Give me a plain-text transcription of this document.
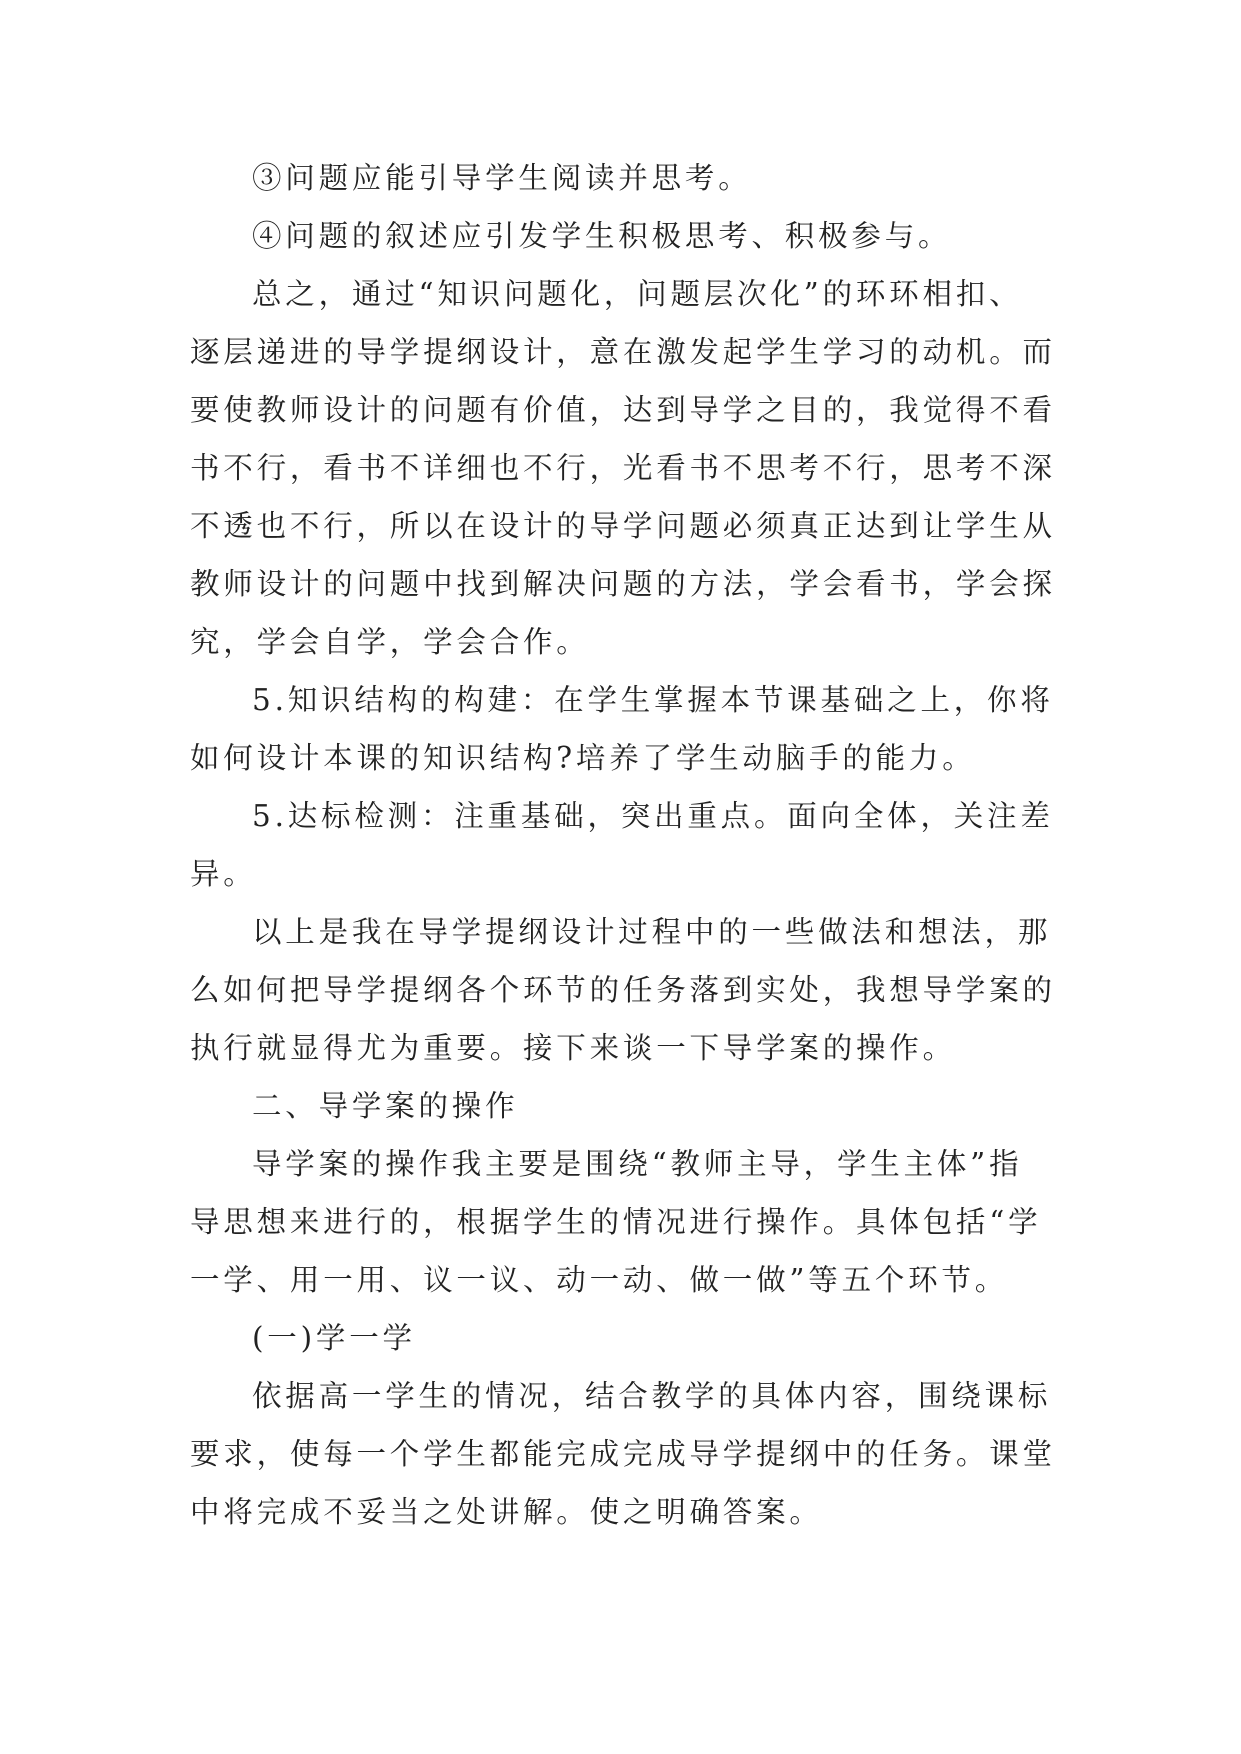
③问题应能引导学生阅读并思考。
④问题的叙述应引发学生积极思考、积极参与。
总之，通过“知识问题化，问题层次化”的环环相扣、
逐层递进的导学提纲设计，意在激发起学生学习的动机。而
要使教师设计的问题有价值，达到导学之目的，我觉得不看
书不行，看书不详细也不行，光看书不思考不行，思考不深
不透也不行，所以在设计的导学问题必须真正达到让学生从
教师设计的问题中找到解决问题的方法，学会看书，学会探
究，学会自学，学会合作。
5.知识结构的构建：在学生掌握本节课基础之上，你将
如何设计本课的知识结构?培养了学生动脑手的能力。
5.达标检测：注重基础，突出重点。面向全体，关注差
异。
以上是我在导学提纲设计过程中的一些做法和想法，那
么如何把导学提纲各个环节的任务落到实处，我想导学案的
执行就显得尤为重要。接下来谈一下导学案的操作。
二、导学案的操作
导学案的操作我主要是围绕“教师主导，学生主体”指
导思想来进行的，根据学生的情况进行操作。具体包括“学
一学、用一用、议一议、动一动、做一做”等五个环节。
(一)学一学
依据高一学生的情况，结合教学的具体内容，围绕课标
要求，使每一个学生都能完成完成导学提纲中的任务。课堂
中将完成不妥当之处讲解。使之明确答案。
